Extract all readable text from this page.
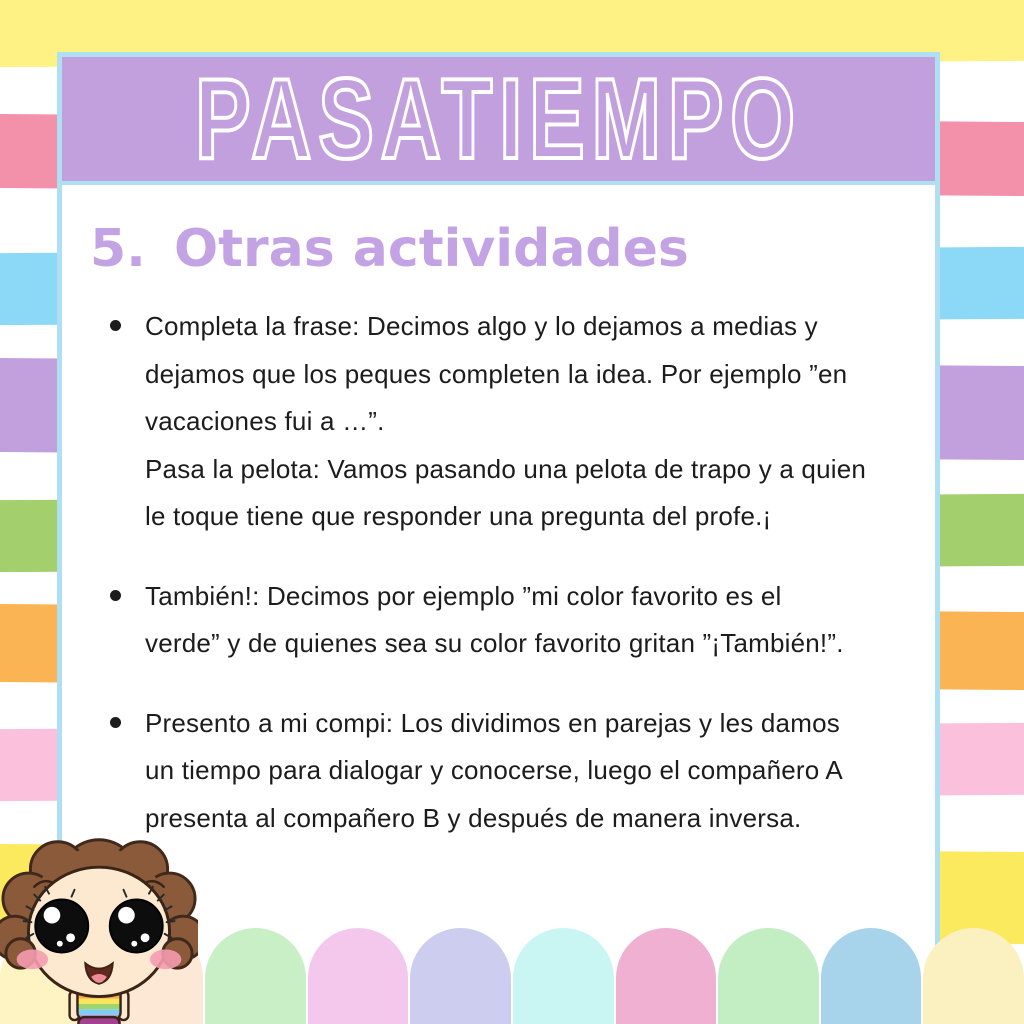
PASATIEMPO
5. Otras actividades
Completa la frase: Decimos algo y lo dejamos a medias y
dejamos que los peques completen la idea. Por ejemplo ”en
vacaciones fui a …”.
Pasa la pelota: Vamos pasando una pelota de trapo y a quien
le toque tiene que responder una pregunta del profe.¡
También!: Decimos por ejemplo ”mi color favorito es el
verde” y de quienes sea su color favorito gritan ”¡También!”.
Presento a mi compi: Los dividimos en parejas y les damos
un tiempo para dialogar y conocerse, luego el compañero A
presenta al compañero B y después de manera inversa.
